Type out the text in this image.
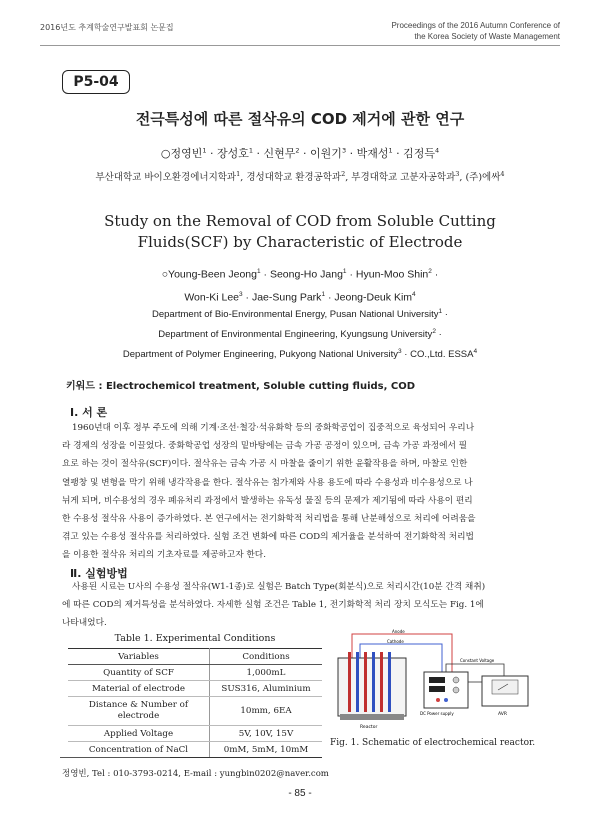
2016년도 추계학술연구발표회 논문집	Proceedings of the 2016 Autumn Conference of
the Korea Society of Waste Management
P5-04
전극특성에 따른 절삭유의 COD 제거에 관한 연구
○정영빈$^1$ · 장성호$^1$ · 신현무$^2$ · 이원기$^3$ · 박재성$^1$ · 김정득$^4$
부산대학교 바이오환경에너지학과$^1$, 경성대학교 환경공학과$^2$, 부경대학교 고분자공학과$^3$, (주)에싸$^4$
Study on the Removal of COD from Soluble Cutting
Fluids(SCF) by Characteristic of Electrode
○Young-Been Jeong$^1$ · Seong-Ho Jang$^1$ · Hyun-Moo Shin$^2$ ·
Won-Ki Lee$^3$ · Jae-Sung Park$^1$ · Jeong-Deuk Kim$^4$
Department of Bio-Environmental Energy, Pusan National University$^1$ ·
Department of Environmental Engineering, Kyungsung University$^2$ ·
Department of Polymer Engineering, Pukyong National University$^3$ · CO.,Ltd. ESSA$^4$
키워드 : Electrochemicol treatment, Soluble cutting fluids, COD
Ⅰ. 서 론

1960년대 이후 정부 주도에 의해 기계·조선·철강·석유화학 등의 중화학공업이 집중적으로 육성되어 우리나

라 경제의 성장을 이끌었다. 중화학공업 성장의 밑바탕에는 금속 가공 공정이 있으며, 금속 가공 과정에서 필

요로 하는 것이 절삭유(SCF)이다. 절삭유는 금속 가공 시 마찰을 줄이기 위한 윤활작용을 하며, 마찰로 인한

열팽창 및 변형을 막기 위해 냉각작용을 한다. 절삭유는 첨가제와 사용 용도에 따라 수용성과 비수용성으로 나

뉘게 되며, 비수용성의 경우 폐유처리 과정에서 발생하는 유독성 물질 등의 문제가 제기됨에 따라 사용이 편리

한 수용성 절삭유 사용이 증가하였다. 본 연구에서는 전기화학적 처리법을 통해 난분해성으로 처리에 어려움을

겪고 있는 수용성 절삭유를 처리하였다. 실험 조건 변화에 따른 COD의 제거율을 분석하여 전기화학적 처리법

을 이용한 절삭유 처리의 기초자료를 제공하고자 한다.

Ⅱ. 실험방법

사용된 시료는 U사의 수용성 절삭유(W1-1종)로 실험은 Batch Type(회분식)으로 처리시간(10분 간격 채취)

에 따른 COD의 제거특성을 분석하였다. 자세한 실험 조건은 Table 1, 전기화학적 처리 장치 모식도는 Fig. 1에

나타내었다.

Table 1. Experimental Conditions
Variables	Conditions
Quantity of SCF	1,000mL
Material of electrode	SUS316, Aluminium
Distance & Number of electrode	10mm, 6EA
Applied Voltage	5V, 10V, 15V
Concentration of NaCl	0mM, 5mM, 10mM
Anode
Cathode
Reactor
DC Power supply	AVR
Constant Voltage
Fig. 1. Schematic of electrochemical reactor.
정영빈, Tel : 010-3793-0214, E-mail : yungbin0202@naver.com
- 85 -
